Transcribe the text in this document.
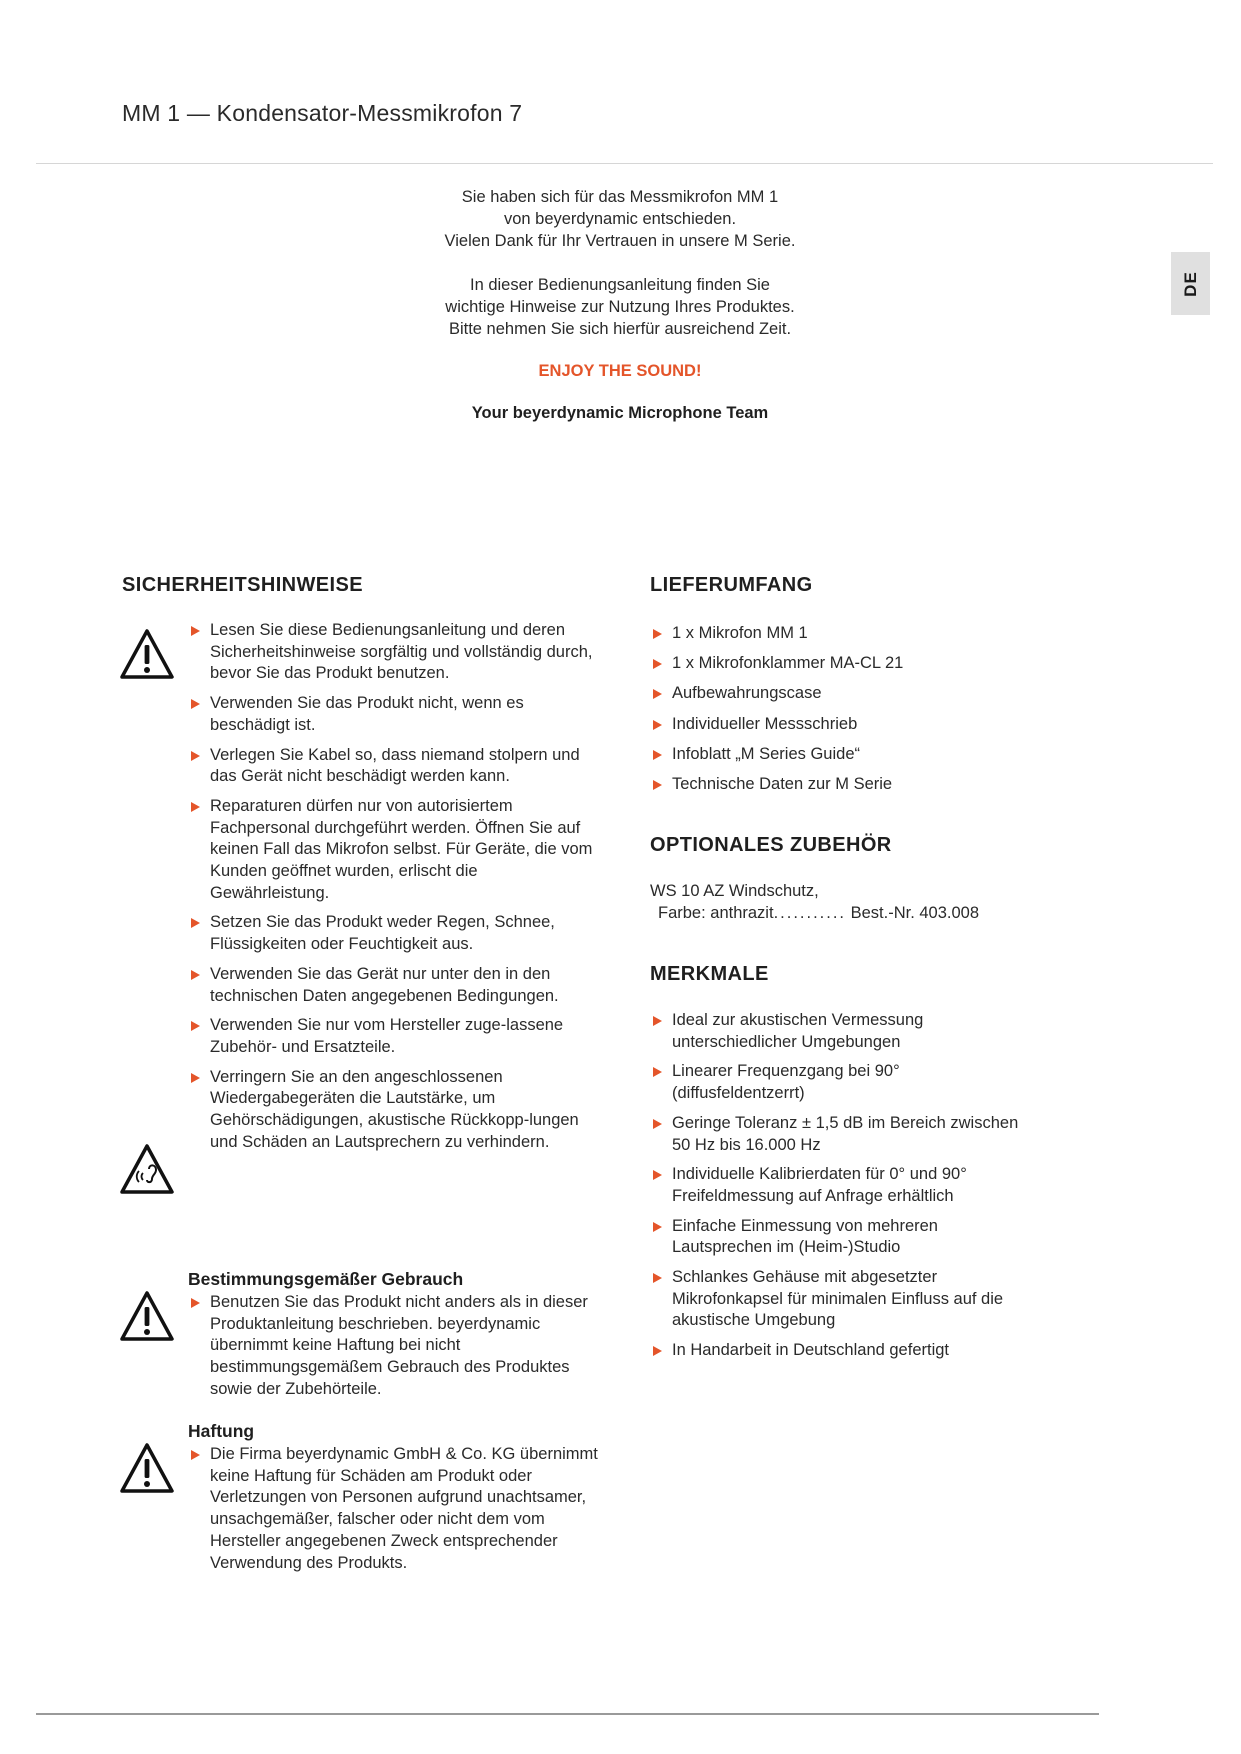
MM 1 — Kondensator-Messmikrofon 7
DE

Sie haben sich für das Messmikrofon MM 1
von beyerdynamic entschieden.
Vielen Dank für Ihr Vertrauen in unsere M Serie.

In dieser Bedienungsanleitung finden Sie
wichtige Hinweise zur Nutzung Ihres Produktes.
Bitte nehmen Sie sich hierfür ausreichend Zeit.

ENJOY THE SOUND!
Your beyerdynamic Microphone Team
SICHERHEITSHINWEISE
Lesen Sie diese Bedienungsanleitung und deren Sicherheitshinweise sorgfältig und vollständig durch, bevor Sie das Produkt benutzen.
Verwenden Sie das Produkt nicht, wenn es beschädigt ist.
Verlegen Sie Kabel so, dass niemand stolpern und das Gerät nicht beschädigt werden kann.
Reparaturen dürfen nur von autorisiertem Fachpersonal durchgeführt werden. Öffnen Sie auf keinen Fall das Mikrofon selbst. Für Geräte, die vom Kunden geöffnet wurden, erlischt die Gewährleistung.
Setzen Sie das Produkt weder Regen, Schnee, Flüssigkeiten oder Feuchtigkeit aus.
Verwenden Sie das Gerät nur unter den in den technischen Daten angegebenen Bedingungen.
Verwenden Sie nur vom Hersteller zuge-lassene Zubehör- und Ersatzteile.
Verringern Sie an den angeschlossenen Wiedergabegeräten die Lautstärke, um Gehörschädigungen, akustische Rückkopp-lungen und Schäden an Lautsprechern zu verhindern.
Bestimmungsgemäßer Gebrauch
Benutzen Sie das Produkt nicht anders als in dieser Produktanleitung beschrieben. beyerdynamic übernimmt keine Haftung bei nicht bestimmungsgemäßem Gebrauch des Produktes sowie der Zubehörteile.
Haftung
Die Firma beyerdynamic GmbH & Co. KG übernimmt keine Haftung für Schäden am Produkt oder Verletzungen von Personen aufgrund unachtsamer, unsachgemäßer, falscher oder nicht dem vom Hersteller angegebenen Zweck entsprechender Verwendung des Produkts.
LIEFERUMFANG
1 x Mikrofon MM 1
1 x Mikrofonklammer MA-CL 21
Aufbewahrungscase
Individueller Messschrieb
Infoblatt „M Series Guide“
Technische Daten zur M Serie
OPTIONALES ZUBEHÖR
WS 10 AZ Windschutz,
Farbe: anthrazit........... Best.-Nr. 403.008
MERKMALE
Ideal zur akustischen Vermessung unterschiedlicher Umgebungen
Linearer Frequenzgang bei 90° (diffusfeldentzerrt)
Geringe Toleranz ± 1,5 dB im Bereich zwischen 50 Hz bis 16.000 Hz
Individuelle Kalibrierdaten für 0° und 90° Freifeldmessung auf Anfrage erhältlich
Einfache Einmessung von mehreren Lautsprechen im (Heim-)Studio
Schlankes Gehäuse mit abgesetzter Mikrofonkapsel für minimalen Einfluss auf die akustische Umgebung
In Handarbeit in Deutschland gefertigt
